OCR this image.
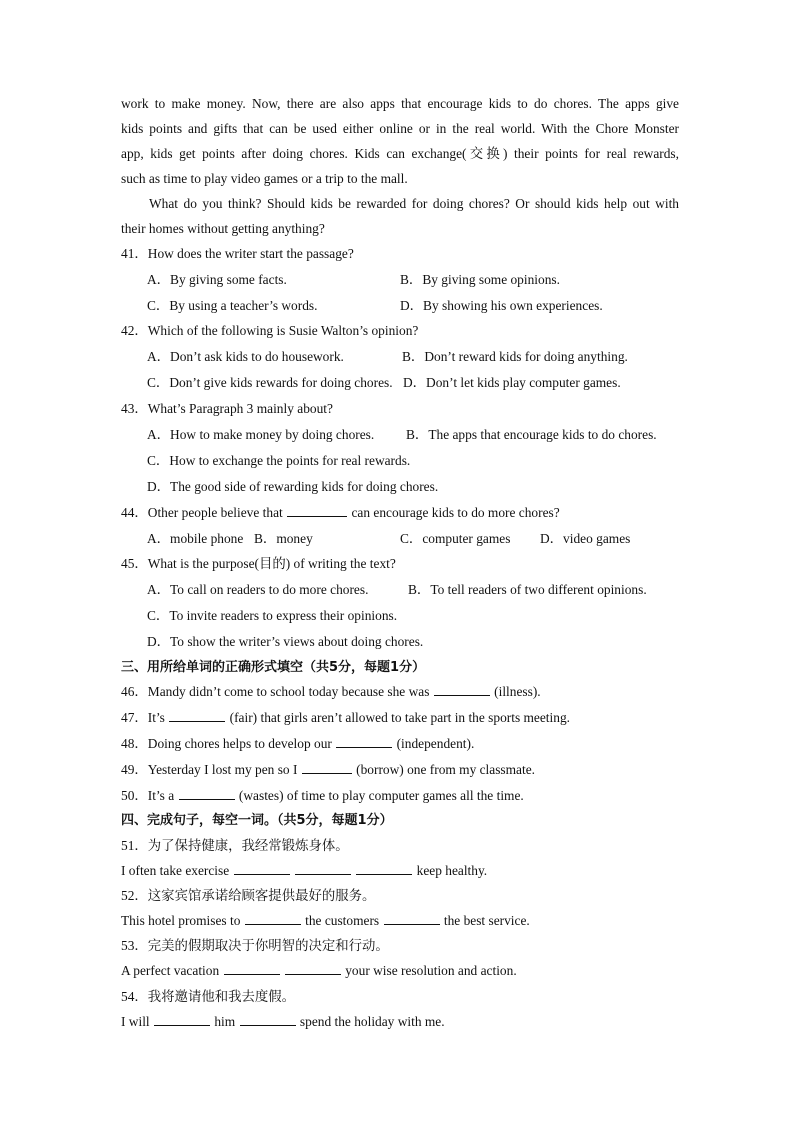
work to make money. Now, there are also apps that encourage kids to do chores. The apps give
kids points and gifts that can be used either online or in the real world. With the Chore Monster
app, kids get points after doing chores. Kids can exchange(交换) their points for real rewards,
such as time to play video games or a trip to the mall.
What do you think? Should kids be rewarded for doing chores? Or should kids help out with
their homes without getting anything?
41．How does the writer start the passage?
A．By giving some facts.	B．By giving some opinions.
C．By using a teacher’s words.	D．By showing his own experiences.
42．Which of the following is Susie Walton’s opinion?
A．Don’t ask kids to do housework.	B．Don’t reward kids for doing anything.
C．Don’t give kids rewards for doing chores. D．Don’t let kids play computer games.
43．What’s Paragraph 3 mainly about?
A．How to make money by doing chores. B．The apps that encourage kids to do chores.
C．How to exchange the points for real rewards.
D．The good side of rewarding kids for doing chores.
44．Other people believe that	can encourage kids to do more chores?
A．mobile phone B．money	C．computer games D．video games
45．What is the purpose(目的) of writing the text?
A．To call on readers to do more chores.	B．To tell readers of two different opinions.
C．To invite readers to express their opinions.
D．To show the writer’s views about doing chores.
三、用所给单词的正确形式填空（共5分，每题1分）
46．Mandy didn’t come to school today because she was	(illness).
47．It’s	(fair) that girls aren’t allowed to take part in the sports meeting.
48．Doing chores helps to develop our	(independent).
49．Yesterday I lost my pen so I	(borrow) one from my classmate.
50．It’s a	(wastes) of time to play computer games all the time.
四、完成句子，每空一词。（共5分，每题1分）
51．为了保持健康，我经常锻炼身体。
I often take exercise	keep healthy.
52．这家宾馆承诺给顾客提供最好的服务。
This hotel promises to	the customers	the best service.
53．完美的假期取决于你明智的决定和行动。
A perfect vacation	your wise resolution and action.
54．我将邀请他和我去度假。
I will	him	spend the holiday with me.
